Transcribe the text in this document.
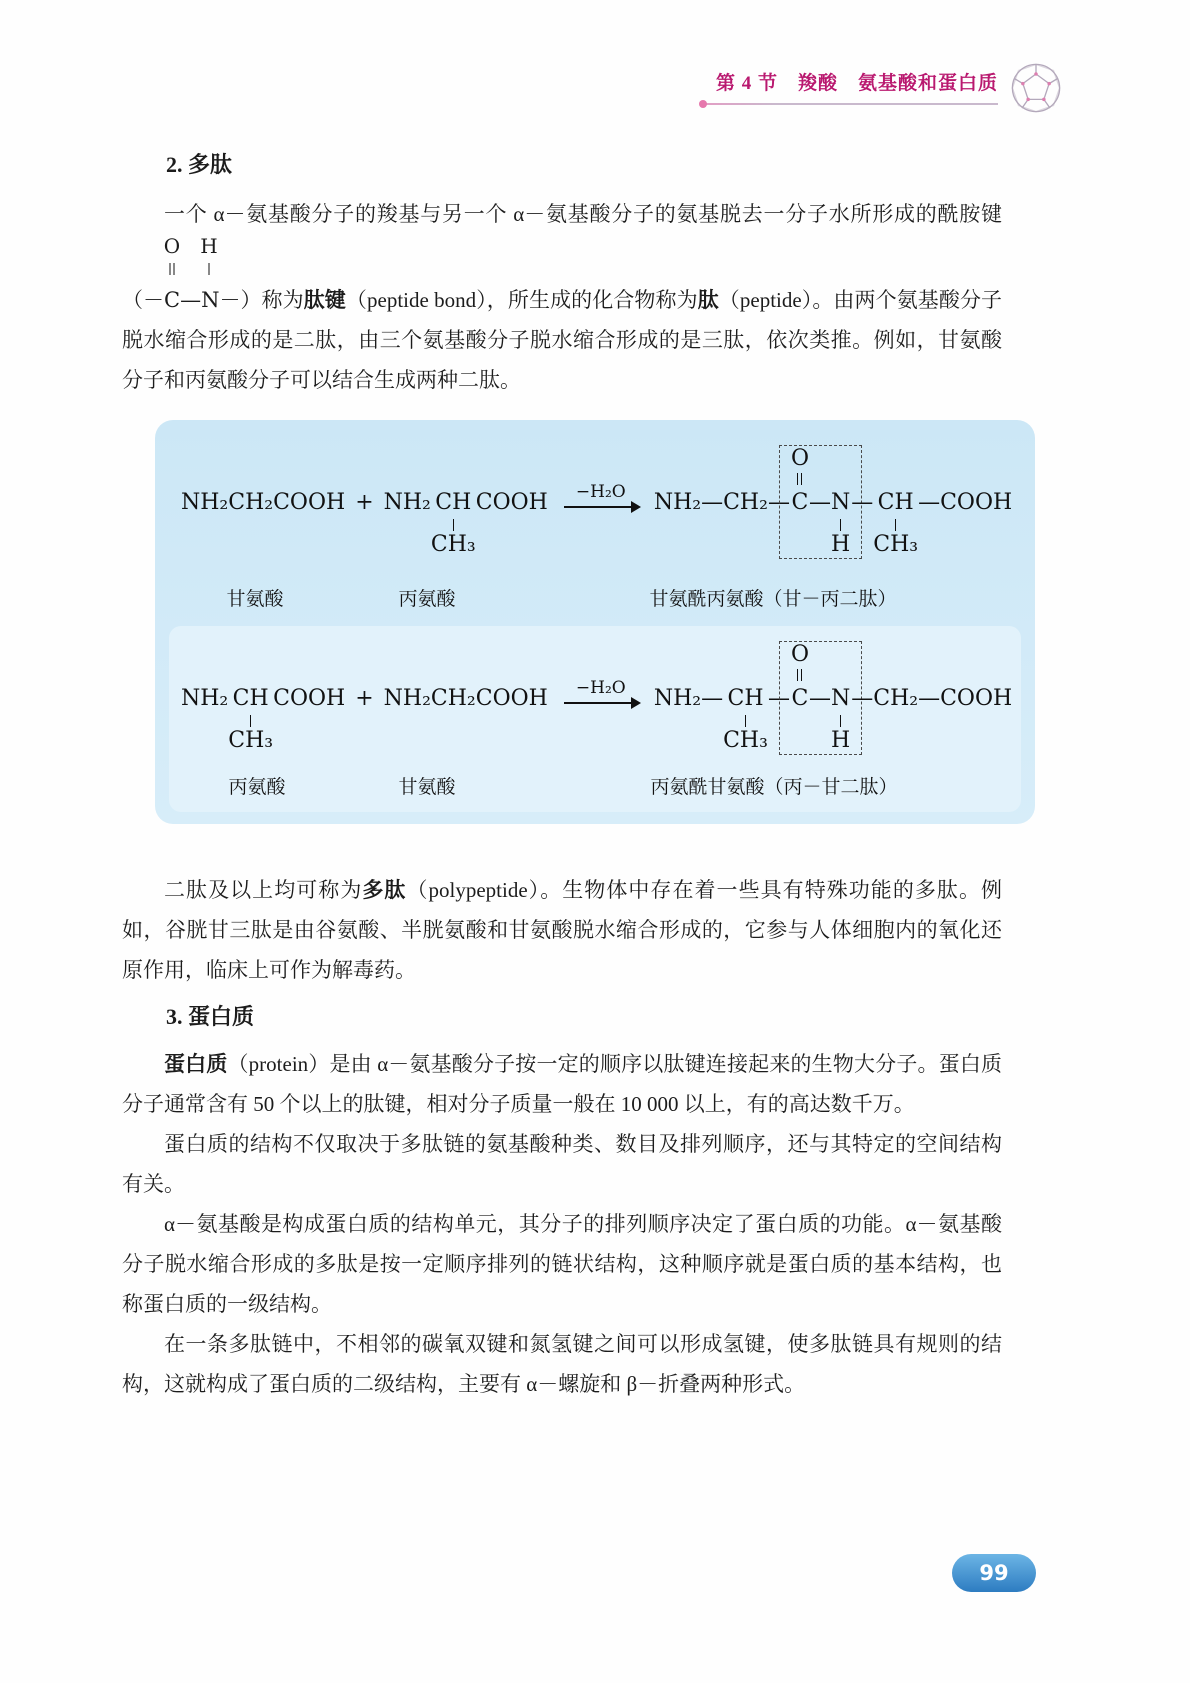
第 4 节　羧酸　氨基酸和蛋白质
2. 多肽

一个 α－氨基酸分子的羧基与另一个 α－氨基酸分子的氨基脱去一分子水所形成的酰胺键
O H
（－C—N－）称为肽键（peptide bond），所生成的化合物称为肽（peptide）。由两个氨基酸分子脱水缩合形成的是二肽，由三个氨基酸分子脱水缩合形成的是三肽，依次类推。例如，甘氨酸分子和丙氨酸分子可以结合生成两种二肽。

NH₂CH₂COOH + NH₂ CH
CH₃
COOH −H₂O NH₂ — CH₂ —
O
C — N
H
— CH
CH₃
— COOH
甘氨酸	丙氨酸	甘氨酰丙氨酸（甘－丙二肽）
NH₂ CH
CH₃
COOH + NH₂CH₂COOH −H₂O NH₂ — CH
CH₃
—
O
C — N
H
— CH₂ — COOH
丙氨酸	甘氨酸	丙氨酰甘氨酸（丙－甘二肽）

二肽及以上均可称为多肽（polypeptide）。生物体中存在着一些具有特殊功能的多肽。例如，谷胱甘三肽是由谷氨酸、半胱氨酸和甘氨酸脱水缩合形成的，它参与人体细胞内的氧化还原作用，临床上可作为解毒药。

3. 蛋白质

蛋白质（protein）是由 α－氨基酸分子按一定的顺序以肽键连接起来的生物大分子。蛋白质分子通常含有 50 个以上的肽键，相对分子质量一般在 10 000 以上，有的高达数千万。

蛋白质的结构不仅取决于多肽链的氨基酸种类、数目及排列顺序，还与其特定的空间结构有关。

α－氨基酸是构成蛋白质的结构单元，其分子的排列顺序决定了蛋白质的功能。α－氨基酸分子脱水缩合形成的多肽是按一定顺序排列的链状结构，这种顺序就是蛋白质的基本结构，也称蛋白质的一级结构。

在一条多肽链中，不相邻的碳氧双键和氮氢键之间可以形成氢键，使多肽链具有规则的结构，这就构成了蛋白质的二级结构，主要有 α－螺旋和 β－折叠两种形式。

99
